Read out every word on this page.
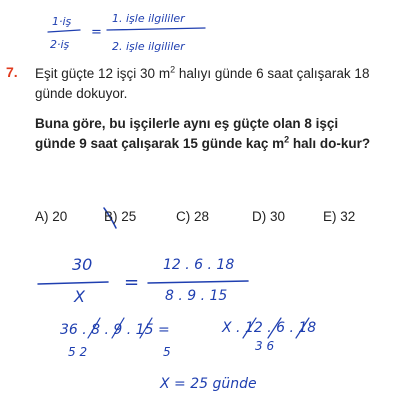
1·iş
2·iş
=
1. işle ilgililer
2. işle ilgililer
30
X
=
12 . 6 . 18
8 . 9 . 15
36 . 8 . 9 . 15 =	X . 12 . 6 . 18
5 2	5	3 6
X = 25 günde
7. Eşit güçte 12 işçi 30 $m^2$ halıyı günde 6 saat çalışarak 18 günde dokuyor.
Buna göre, bu işçilerle aynı eş güçte olan 8 işçi günde 9 saat çalışarak 15 günde kaç $m^2$ halı do-kur?
A) 20	B) 25	C) 28	D) 30	E) 32
